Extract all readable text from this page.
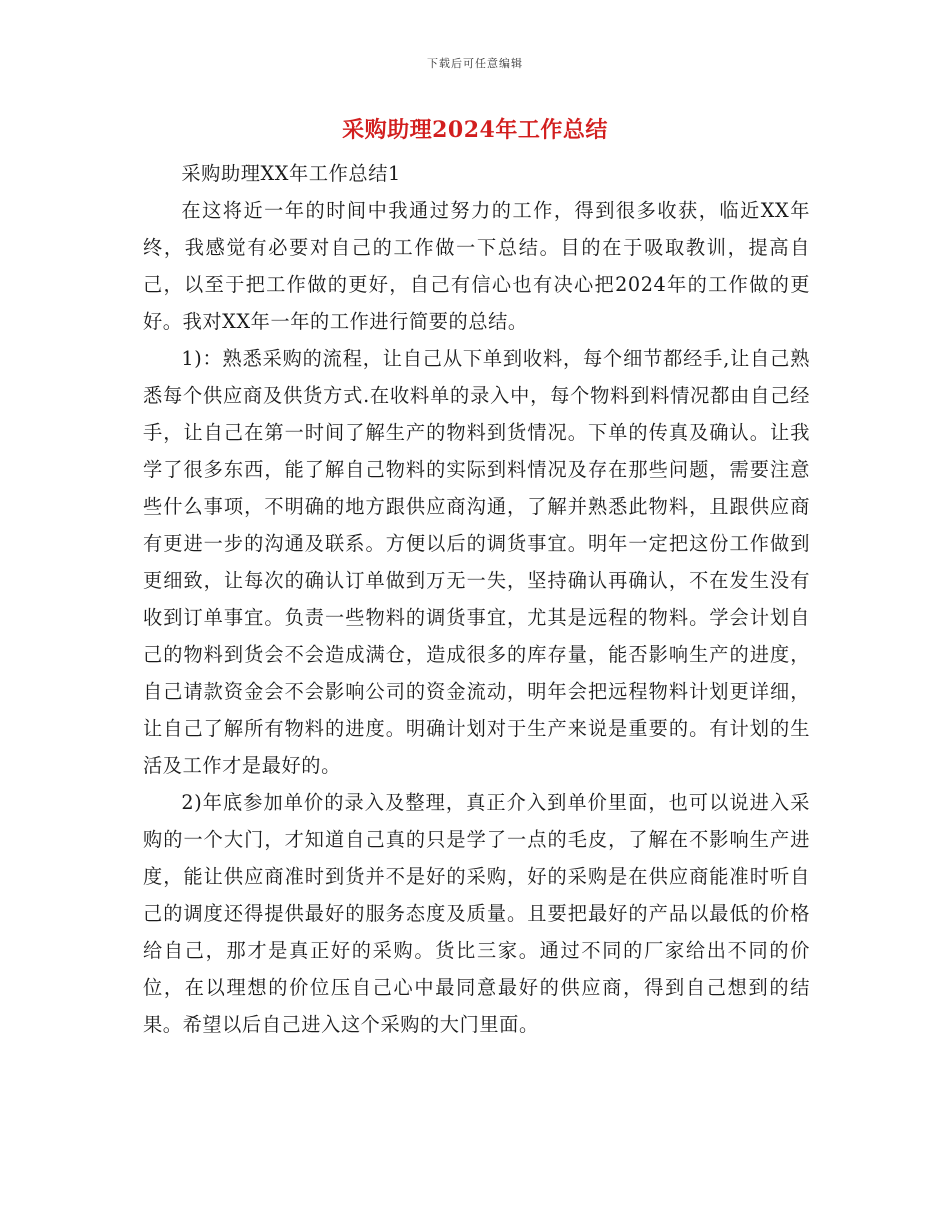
下载后可任意编辑
采购助理2024年工作总结

采购助理XX年工作总结1

在这将近一年的时间中我通过努力的工作，得到很多收获，临近XX年终，我感觉有必要对自己的工作做一下总结。目的在于吸取教训，提高自己，以至于把工作做的更好，自己有信心也有决心把2024年的工作做的更好。我对XX年一年的工作进行简要的总结。

1)：熟悉采购的流程，让自己从下单到收料，每个细节都经手,让自己熟悉每个供应商及供货方式.在收料单的录入中，每个物料到料情况都由自己经手，让自己在第一时间了解生产的物料到货情况。下单的传真及确认。让我学了很多东西，能了解自己物料的实际到料情况及存在那些问题，需要注意些什么事项，不明确的地方跟供应商沟通，了解并熟悉此物料，且跟供应商有更进一步的沟通及联系。方便以后的调货事宜。明年一定把这份工作做到更细致，让每次的确认订单做到万无一失，坚持确认再确认，不在发生没有收到订单事宜。负责一些物料的调货事宜，尤其是远程的物料。学会计划自己的物料到货会不会造成满仓，造成很多的库存量，能否影响生产的进度，自己请款资金会不会影响公司的资金流动，明年会把远程物料计划更详细，让自己了解所有物料的进度。明确计划对于生产来说是重要的。有计划的生活及工作才是最好的。

2)年底参加单价的录入及整理，真正介入到单价里面，也可以说进入采购的一个大门，才知道自己真的只是学了一点的毛皮，了解在不影响生产进度，能让供应商准时到货并不是好的采购，好的采购是在供应商能准时听自己的调度还得提供最好的服务态度及质量。且要把最好的产品以最低的价格给自己，那才是真正好的采购。货比三家。通过不同的厂家给出不同的价位，在以理想的价位压自己心中最同意最好的供应商，得到自己想到的结果。希望以后自己进入这个采购的大门里面。
